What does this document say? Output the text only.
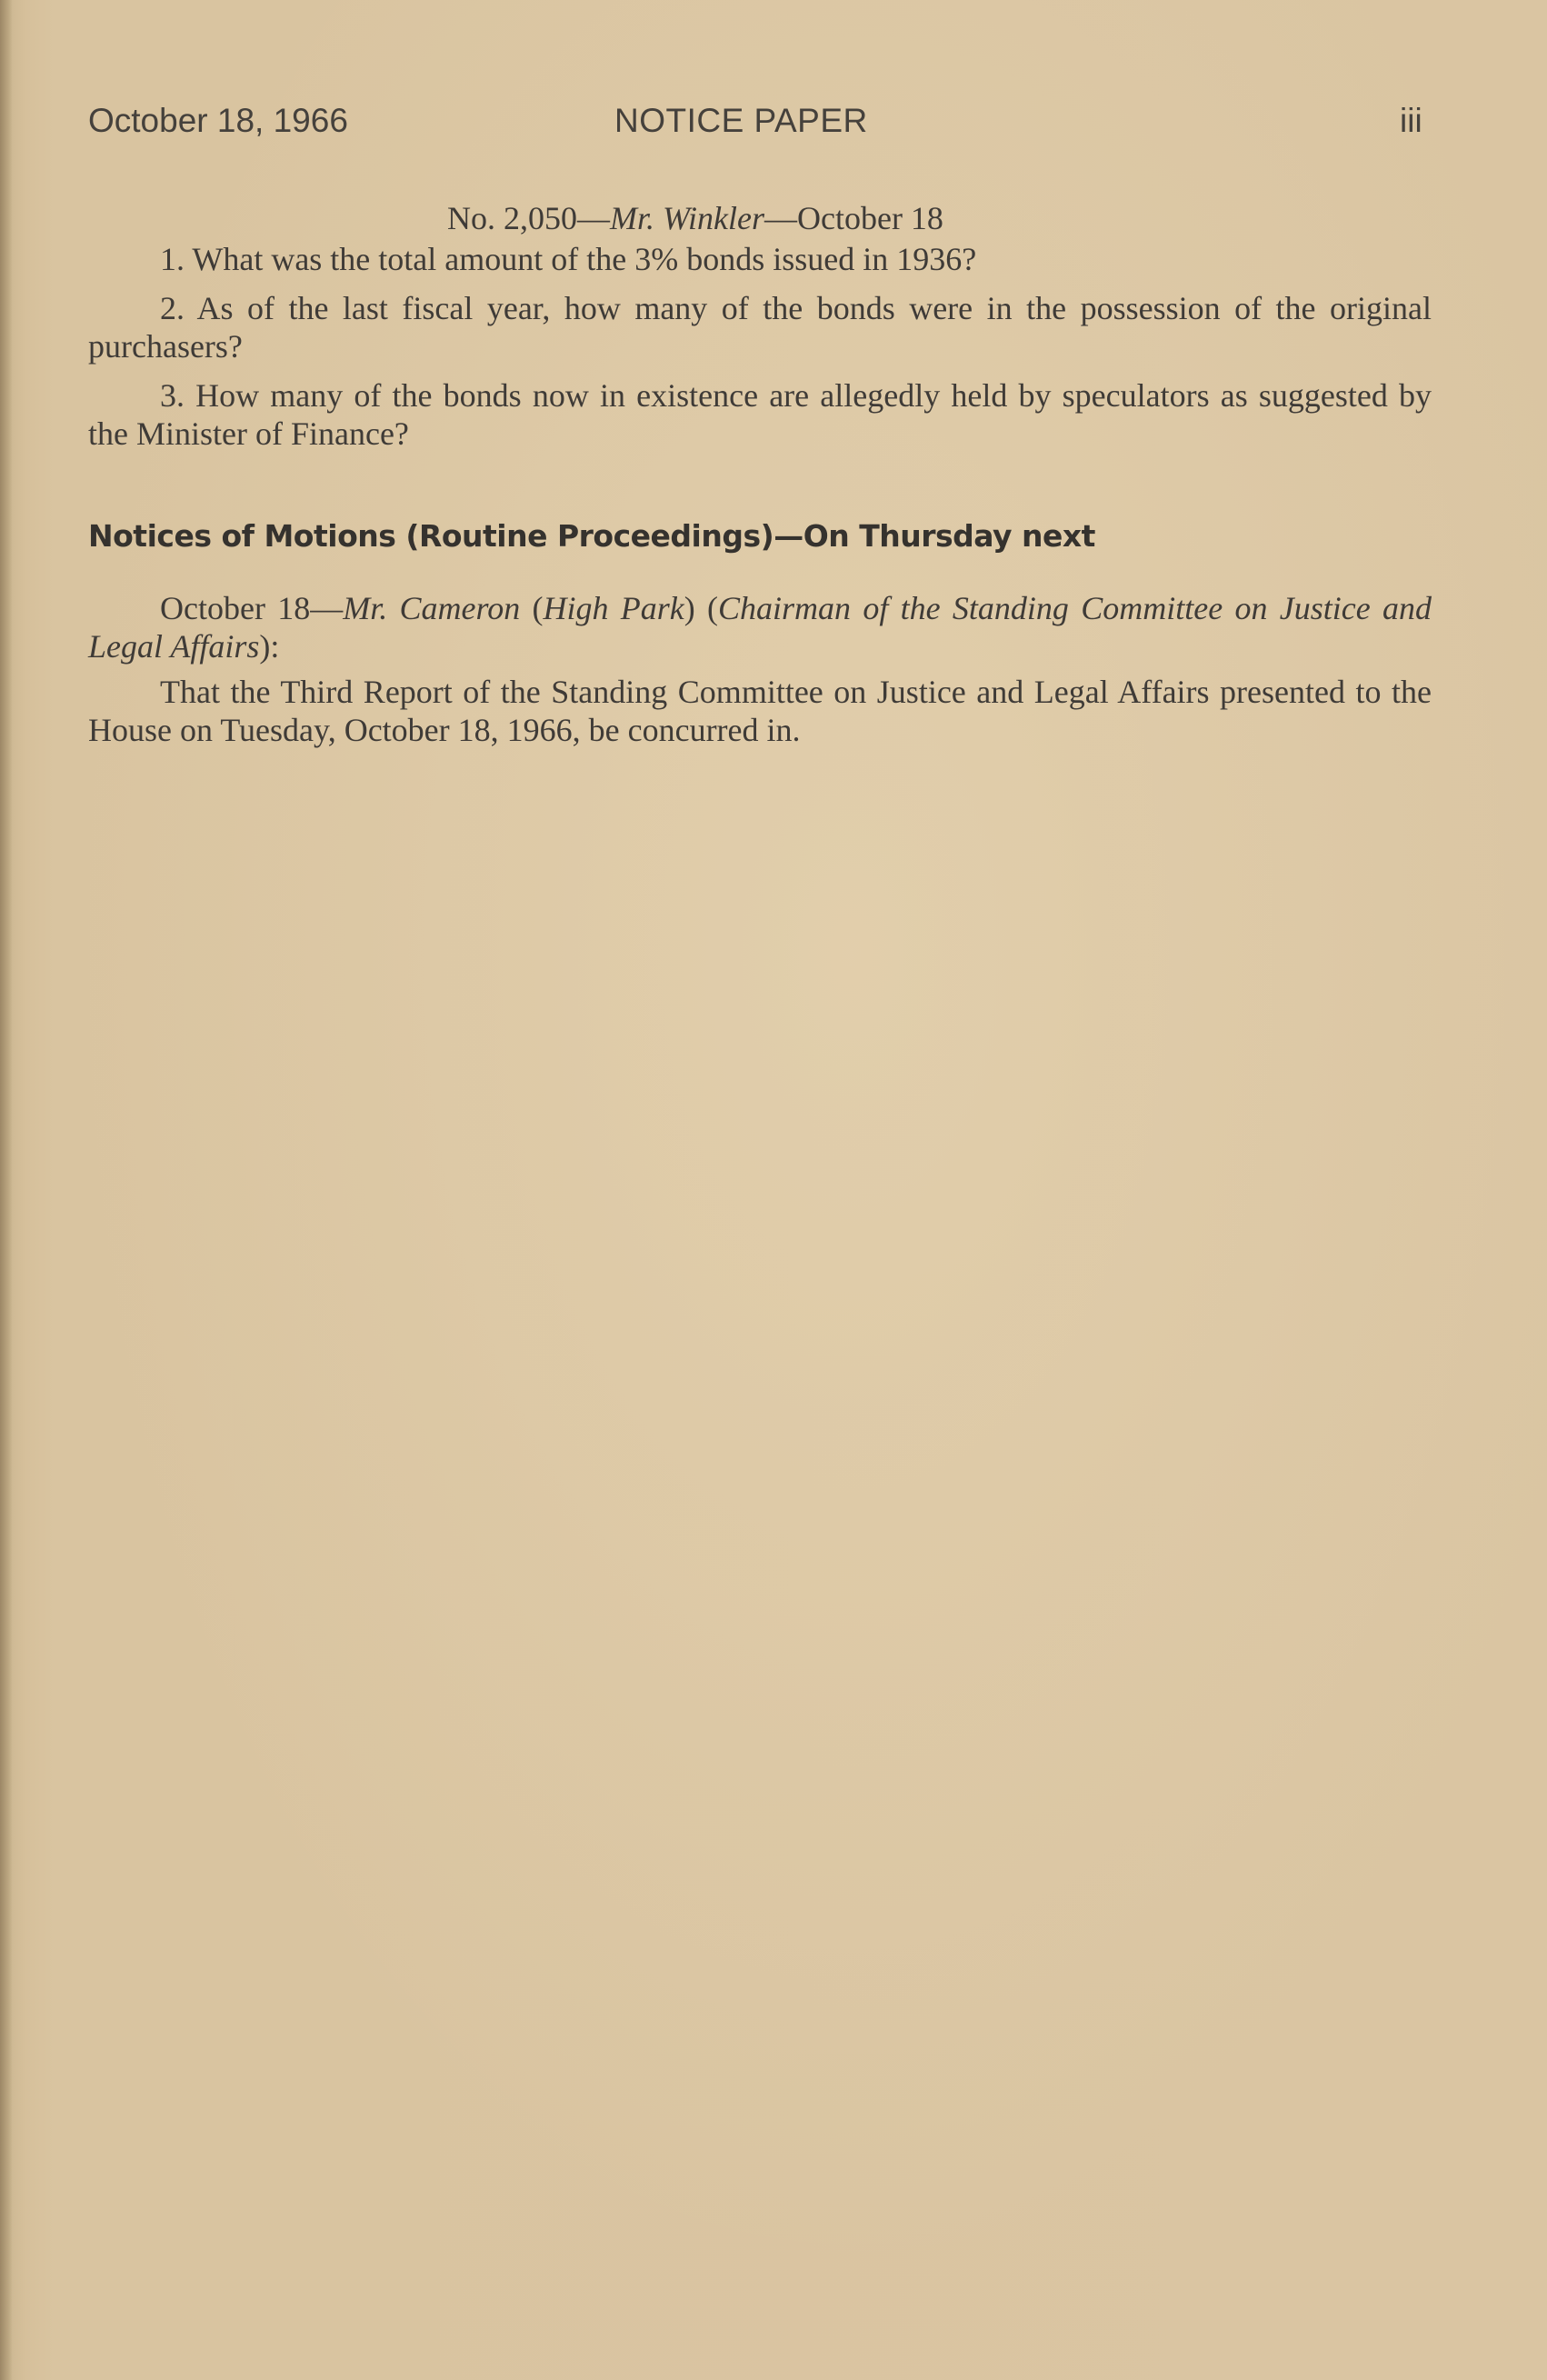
October 18, 1966	NOTICE PAPER	iii

No. 2,050—Mr. Winkler—October 18

1. What was the total amount of the 3% bonds issued in 1936?

2. As of the last fiscal year, how many of the bonds were in the possession of the original purchasers?

3. How many of the bonds now in existence are allegedly held by speculators as suggested by the Minister of Finance?

Notices of Motions (Routine Proceedings)—On Thursday next

October 18—Mr. Cameron (High Park) (Chairman of the Standing Committee on Justice and Legal Affairs):

That the Third Report of the Standing Committee on Justice and Legal Affairs presented to the House on Tuesday, October 18, 1966, be concurred in.
